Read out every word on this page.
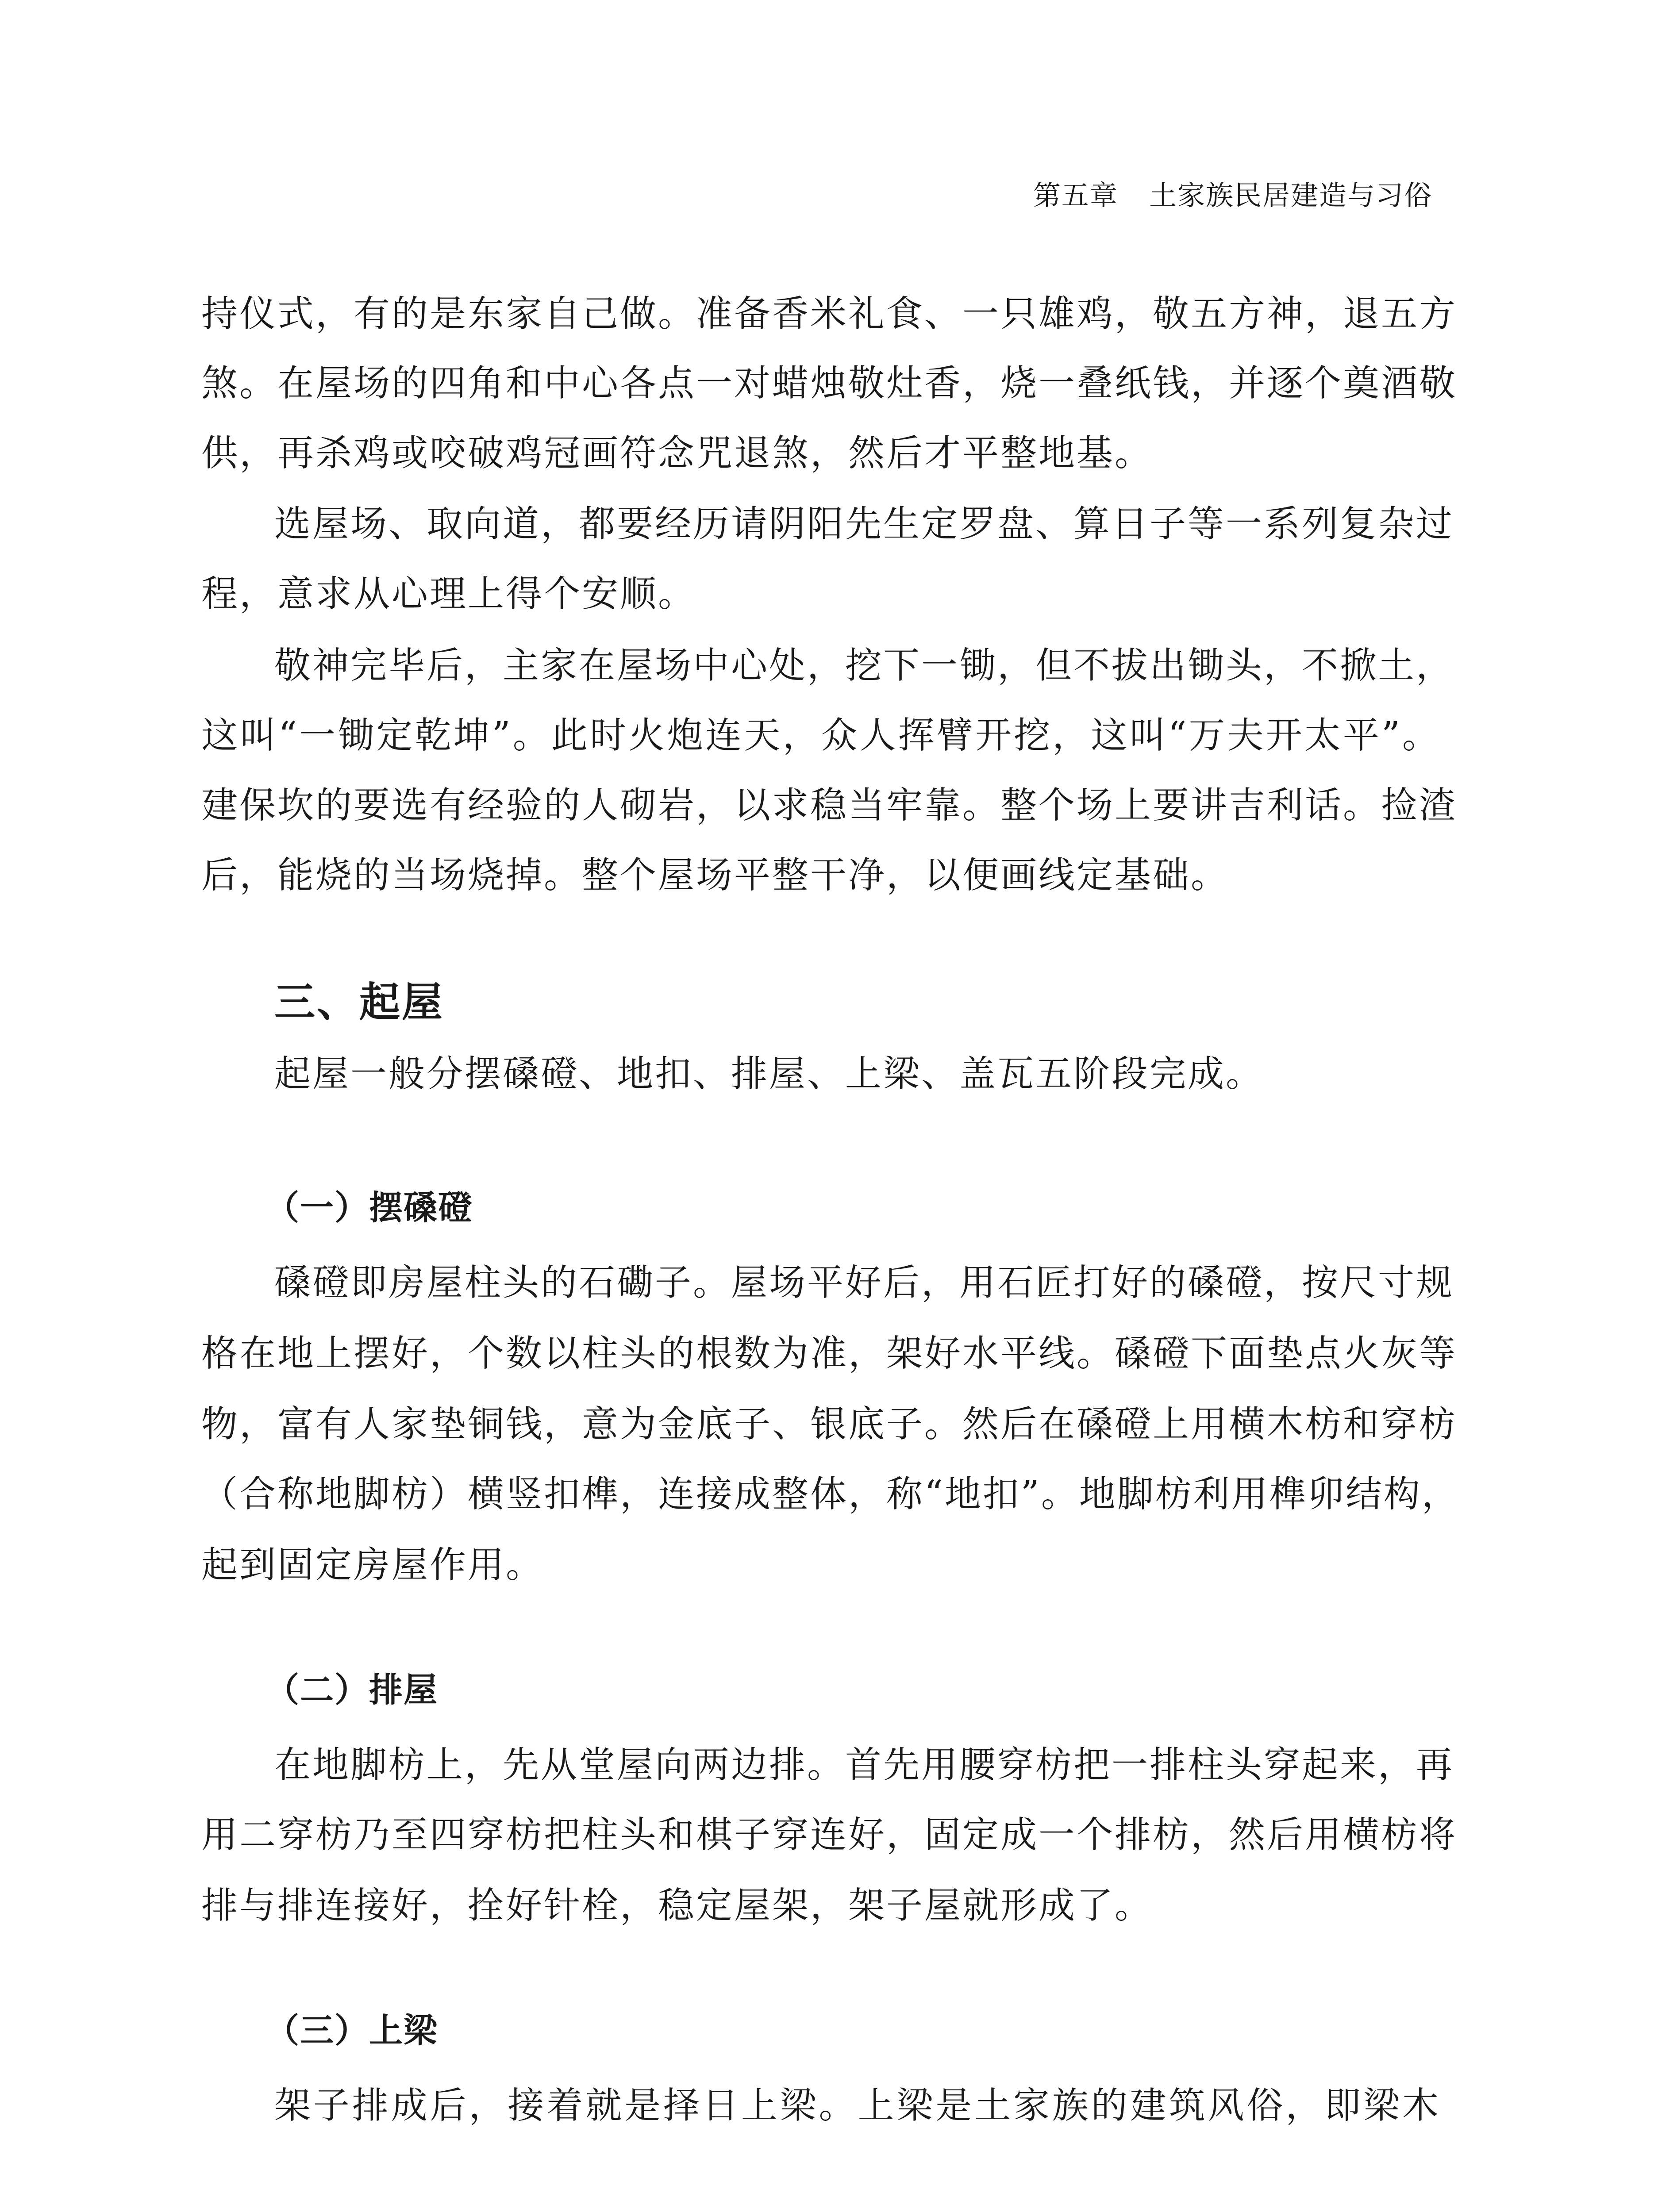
第五章 土家族民居建造与习俗
持仪式，有的是东家自己做。准备香米礼食、一只雄鸡，敬五方神，退五方
煞。在屋场的四角和中心各点一对蜡烛敬灶香，烧一叠纸钱，并逐个奠酒敬
供，再杀鸡或咬破鸡冠画符念咒退煞，然后才平整地基。
选屋场、取向道，都要经历请阴阳先生定罗盘、算日子等一系列复杂过
程，意求从心理上得个安顺。
敬神完毕后，主家在屋场中心处，挖下一锄，但不拔出锄头，不掀土，
这叫“一锄定乾坤”。此时火炮连天，众人挥臂开挖，这叫“万夫开太平”。
建保坎的要选有经验的人砌岩，以求稳当牢靠。整个场上要讲吉利话。捡渣
后，能烧的当场烧掉。整个屋场平整干净，以便画线定基础。
三、起屋
起屋一般分摆磉磴、地扣、排屋、上梁、盖瓦五阶段完成。
（一）摆磉磴
磉磴即房屋柱头的石磡子。屋场平好后，用石匠打好的磉磴，按尺寸规
格在地上摆好，个数以柱头的根数为准，架好水平线。磉磴下面垫点火灰等
物，富有人家垫铜钱，意为金底子、银底子。然后在磉磴上用横木枋和穿枋
（合称地脚枋）横竖扣榫，连接成整体，称“地扣”。地脚枋利用榫卯结构，
起到固定房屋作用。
（二）排屋
在地脚枋上，先从堂屋向两边排。首先用腰穿枋把一排柱头穿起来，再
用二穿枋乃至四穿枋把柱头和棋子穿连好，固定成一个排枋，然后用横枋将
排与排连接好，拴好针栓，稳定屋架，架子屋就形成了。
（三）上梁
架子排成后，接着就是择日上梁。上梁是土家族的建筑风俗，即梁木
